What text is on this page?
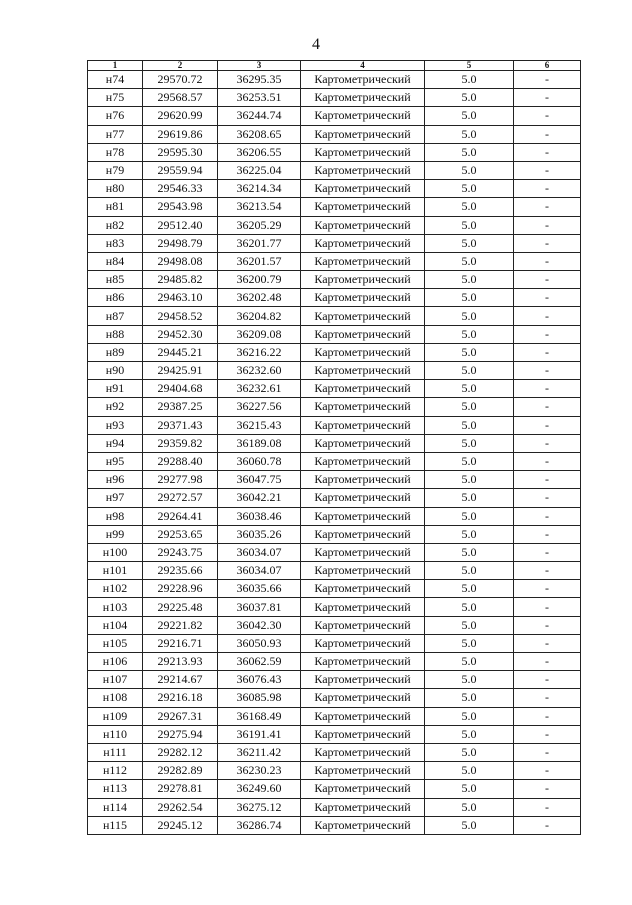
4
1	2	3	4	5	6
н74	29570.72	36295.35	Картометрический	5.0	-
н75	29568.57	36253.51	Картометрический	5.0	-
н76	29620.99	36244.74	Картометрический	5.0	-
н77	29619.86	36208.65	Картометрический	5.0	-
н78	29595.30	36206.55	Картометрический	5.0	-
н79	29559.94	36225.04	Картометрический	5.0	-
н80	29546.33	36214.34	Картометрический	5.0	-
н81	29543.98	36213.54	Картометрический	5.0	-
н82	29512.40	36205.29	Картометрический	5.0	-
н83	29498.79	36201.77	Картометрический	5.0	-
н84	29498.08	36201.57	Картометрический	5.0	-
н85	29485.82	36200.79	Картометрический	5.0	-
н86	29463.10	36202.48	Картометрический	5.0	-
н87	29458.52	36204.82	Картометрический	5.0	-
н88	29452.30	36209.08	Картометрический	5.0	-
н89	29445.21	36216.22	Картометрический	5.0	-
н90	29425.91	36232.60	Картометрический	5.0	-
н91	29404.68	36232.61	Картометрический	5.0	-
н92	29387.25	36227.56	Картометрический	5.0	-
н93	29371.43	36215.43	Картометрический	5.0	-
н94	29359.82	36189.08	Картометрический	5.0	-
н95	29288.40	36060.78	Картометрический	5.0	-
н96	29277.98	36047.75	Картометрический	5.0	-
н97	29272.57	36042.21	Картометрический	5.0	-
н98	29264.41	36038.46	Картометрический	5.0	-
н99	29253.65	36035.26	Картометрический	5.0	-
н100	29243.75	36034.07	Картометрический	5.0	-
н101	29235.66	36034.07	Картометрический	5.0	-
н102	29228.96	36035.66	Картометрический	5.0	-
н103	29225.48	36037.81	Картометрический	5.0	-
н104	29221.82	36042.30	Картометрический	5.0	-
н105	29216.71	36050.93	Картометрический	5.0	-
н106	29213.93	36062.59	Картометрический	5.0	-
н107	29214.67	36076.43	Картометрический	5.0	-
н108	29216.18	36085.98	Картометрический	5.0	-
н109	29267.31	36168.49	Картометрический	5.0	-
н110	29275.94	36191.41	Картометрический	5.0	-
н111	29282.12	36211.42	Картометрический	5.0	-
н112	29282.89	36230.23	Картометрический	5.0	-
н113	29278.81	36249.60	Картометрический	5.0	-
н114	29262.54	36275.12	Картометрический	5.0	-
н115	29245.12	36286.74	Картометрический	5.0	-
